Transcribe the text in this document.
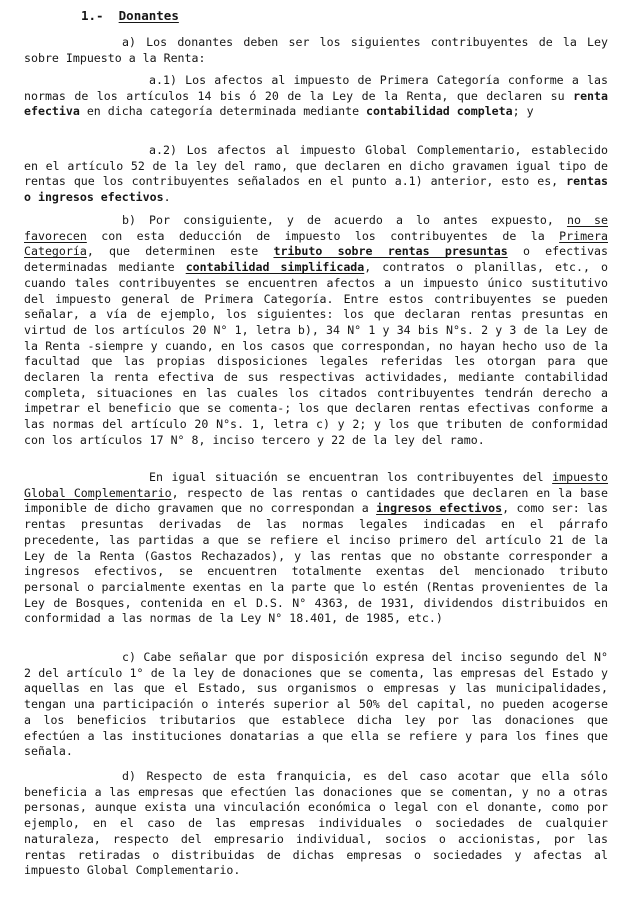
1.- Donantes

a) Los donantes deben ser los siguientes contribuyentes de la Ley sobre Impuesto a la Renta:

a.1) Los afectos al impuesto de Primera Categoría conforme a las normas de los artículos 14 bis ó 20 de la Ley de la Renta, que declaren su renta efectiva en dicha categoría determinada mediante contabilidad completa; y

a.2) Los afectos al impuesto Global Complementario, establecido en el artículo 52 de la ley del ramo, que declaren en dicho gravamen igual tipo de rentas que los contribuyentes señalados en el punto a.1) anterior, esto es, rentas o ingresos efectivos.

b) Por consiguiente, y de acuerdo a lo antes expuesto, no se favorecen con esta deducción de impuesto los contribuyentes de la Primera Categoría, que determinen este tributo sobre rentas presuntas o efectivas determinadas mediante contabilidad simplificada, contratos o planillas, etc., o cuando tales contribuyentes se encuentren afectos a un impuesto único sustitutivo del impuesto general de Primera Categoría. Entre estos contribuyentes se pueden señalar, a vía de ejemplo, los siguientes: los que declaran rentas presuntas en virtud de los artículos 20 N° 1, letra b), 34 N° 1 y 34 bis N°s. 2 y 3 de la Ley de la Renta -siempre y cuando, en los casos que correspondan, no hayan hecho uso de la facultad que las propias disposiciones legales referidas les otorgan para que declaren la renta efectiva de sus respectivas actividades, mediante contabilidad completa, situaciones en las cuales los citados contribuyentes tendrán derecho a impetrar el beneficio que se comenta-; los que declaren rentas efectivas conforme a las normas del artículo 20 N°s. 1, letra c) y 2; y los que tributen de conformidad con los artículos 17 N° 8, inciso tercero y 22 de la ley del ramo.

En igual situación se encuentran los contribuyentes del impuesto Global Complementario, respecto de las rentas o cantidades que declaren en la base imponible de dicho gravamen que no correspondan a ingresos efectivos, como ser: las rentas presuntas derivadas de las normas legales indicadas en el párrafo precedente, las partidas a que se refiere el inciso primero del artículo 21 de la Ley de la Renta (Gastos Rechazados), y las rentas que no obstante corresponder a ingresos efectivos, se encuentren totalmente exentas del mencionado tributo personal o parcialmente exentas en la parte que lo estén (Rentas provenientes de la Ley de Bosques, contenida en el D.S. N° 4363, de 1931, dividendos distribuidos en conformidad a las normas de la Ley N° 18.401, de 1985, etc.)

c) Cabe señalar que por disposición expresa del inciso segundo del N° 2 del artículo 1° de la ley de donaciones que se comenta, las empresas del Estado y aquellas en las que el Estado, sus organismos o empresas y las municipalidades, tengan una participación o interés superior al 50% del capital, no pueden acogerse a los beneficios tributarios que establece dicha ley por las donaciones que efectúen a las instituciones donatarias a que ella se refiere y para los fines que señala.

d) Respecto de esta franquicia, es del caso acotar que ella sólo beneficia a las empresas que efectúen las donaciones que se comentan, y no a otras personas, aunque exista una vinculación económica o legal con el donante, como por ejemplo, en el caso de las empresas individuales o sociedades de cualquier naturaleza, respecto del empresario individual, socios o accionistas, por las rentas retiradas o distribuidas de dichas empresas o sociedades y afectas al impuesto Global Complementario.
